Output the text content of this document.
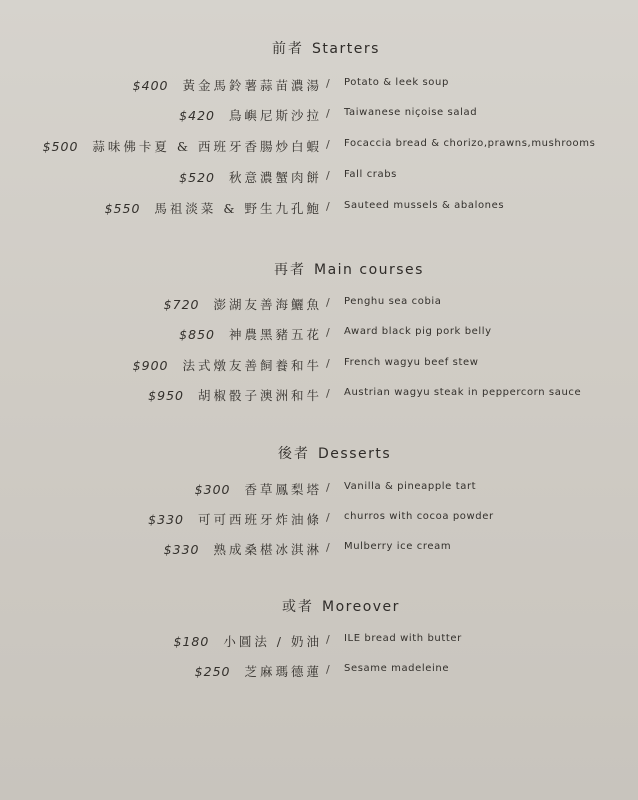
前者 Starters
$400 黃金馬鈴薯蒜苗濃湯 / Potato & leek soup
$420 鳥嶼尼斯沙拉 / Taiwanese niçoise salad
$500 蒜味佛卡夏 & 西班牙香腸炒白蝦 / Focaccia bread & chorizo,prawns,mushrooms
$520 秋意濃蟹肉餅 / Fall crabs
$550 馬祖淡菜 & 野生九孔鮑 / Sauteed mussels & abalones
再者 Main courses
$720 澎湖友善海鱺魚 / Penghu sea cobia
$850 神農黑豬五花 / Award black pig pork belly
$900 法式燉友善飼養和牛 / French wagyu beef stew
$950 胡椒骰子澳洲和牛 / Austrian wagyu steak in peppercorn sauce
後者 Desserts
$300 香草鳳梨塔 / Vanilla & pineapple tart
$330 可可西班牙炸油條 / churros with cocoa powder
$330 熟成桑椹冰淇淋 / Mulberry ice cream
或者 Moreover
$180 小圓法 / 奶油 / ILE bread with butter
$250 芝麻瑪德蓮 / Sesame madeleine
